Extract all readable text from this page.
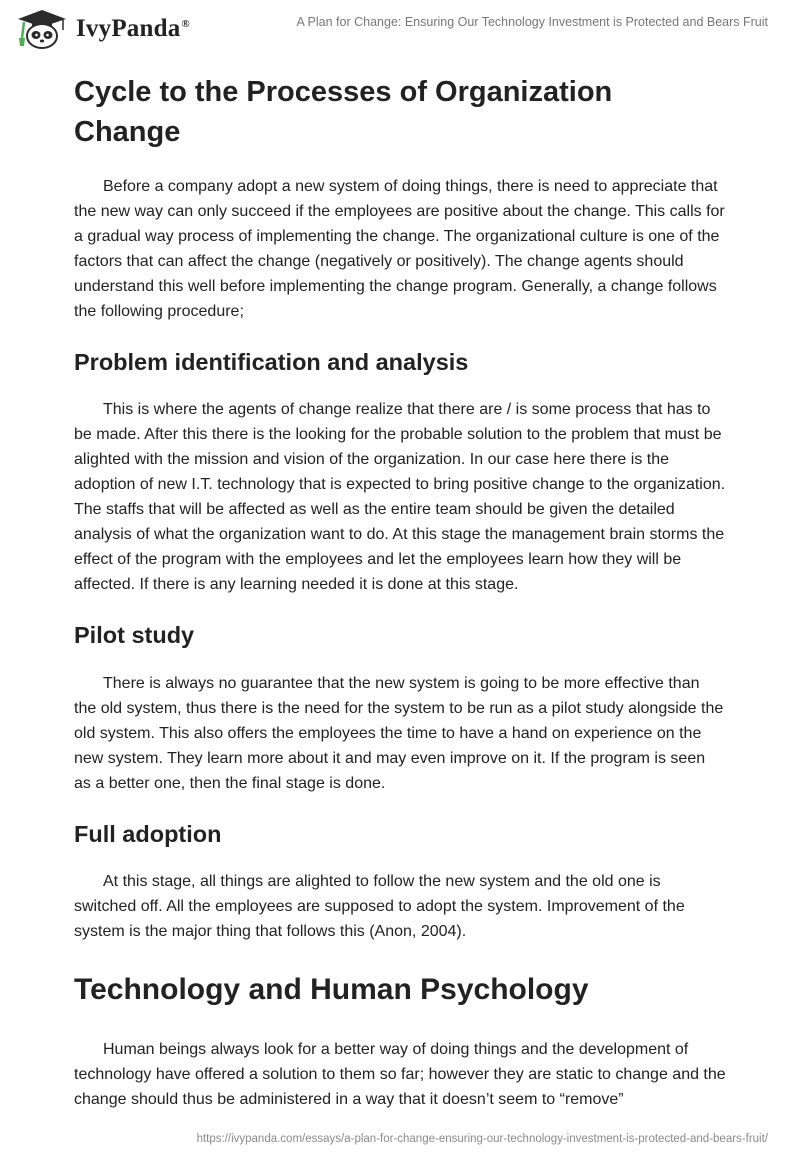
IvyPanda®	A Plan for Change: Ensuring Our Technology Investment is Protected and Bears Fruit
Cycle to the Processes of Organization Change

Before a company adopt a new system of doing things, there is need to appreciate that the new way can only succeed if the employees are positive about the change. This calls for a gradual way process of implementing the change. The organizational culture is one of the factors that can affect the change (negatively or positively). The change agents should understand this well before implementing the change program. Generally, a change follows the following procedure;

Problem identification and analysis

This is where the agents of change realize that there are / is some process that has to be made. After this there is the looking for the probable solution to the problem that must be alighted with the mission and vision of the organization. In our case here there is the adoption of new I.T. technology that is expected to bring positive change to the organization. The staffs that will be affected as well as the entire team should be given the detailed analysis of what the organization want to do. At this stage the management brain storms the effect of the program with the employees and let the employees learn how they will be affected. If there is any learning needed it is done at this stage.

Pilot study

There is always no guarantee that the new system is going to be more effective than the old system, thus there is the need for the system to be run as a pilot study alongside the old system. This also offers the employees the time to have a hand on experience on the new system. They learn more about it and may even improve on it. If the program is seen as a better one, then the final stage is done.

Full adoption

At this stage, all things are alighted to follow the new system and the old one is switched off. All the employees are supposed to adopt the system. Improvement of the system is the major thing that follows this (Anon, 2004).

Technology and Human Psychology

Human beings always look for a better way of doing things and the development of technology have offered a solution to them so far; however they are static to change and the change should thus be administered in a way that it doesn’t seem to “remove”

https://ivypanda.com/essays/a-plan-for-change-ensuring-our-technology-investment-is-protected-and-bears-fruit/
